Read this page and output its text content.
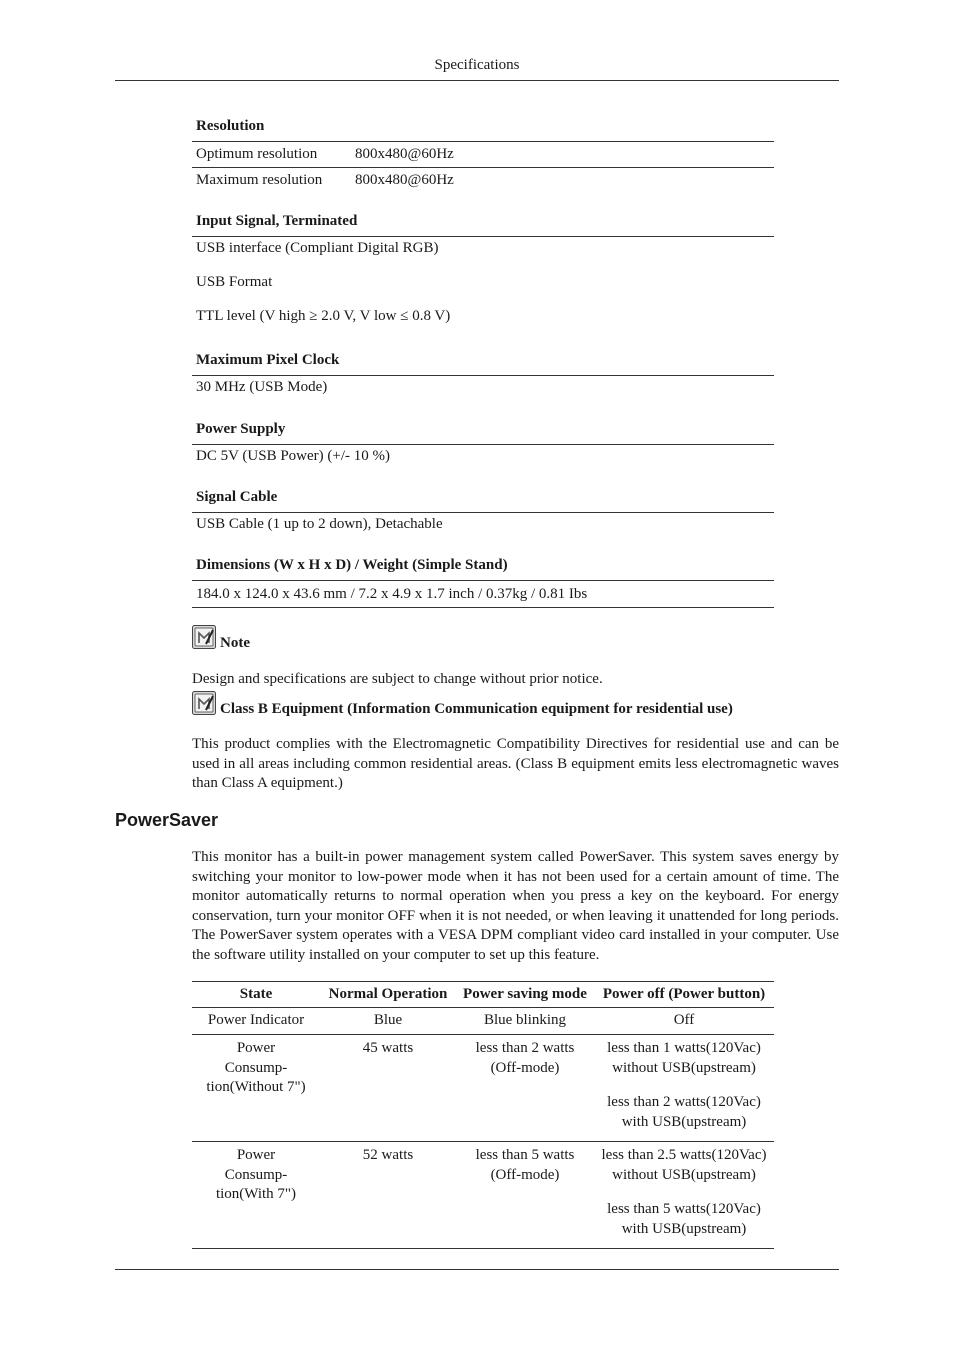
Specifications
Resolution
Optimum resolution	800x480@60Hz
Maximum resolution	800x480@60Hz
Input Signal, Terminated
USB interface (Compliant Digital RGB)
USB Format
TTL level (V high ≥ 2.0 V, V low ≤ 0.8 V)
Maximum Pixel Clock
30 MHz (USB Mode)
Power Supply
DC 5V (USB Power) (+/- 10 %)
Signal Cable
USB Cable (1 up to 2 down), Detachable
Dimensions (W x H x D) / Weight (Simple Stand)
184.0 x 124.0 x 43.6 mm / 7.2 x 4.9 x 1.7 inch / 0.37kg / 0.81 Ibs
Note
Design and specifications are subject to change without prior notice.
Class B Equipment (Information Communication equipment for residential use)
This product complies with the Electromagnetic Compatibility Directives for residential use and can be used in all areas including common residential areas. (Class B equipment emits less electromagnetic waves than Class A equipment.)
PowerSaver
This monitor has a built-in power management system called PowerSaver. This system saves energy by switching your monitor to low-power mode when it has not been used for a certain amount of time. The monitor automatically returns to normal operation when you press a key on the keyboard. For energy conservation, turn your monitor OFF when it is not needed, or when leaving it unattended for long periods. The PowerSaver system operates with a VESA DPM compliant video card installed in your computer. Use the software utility installed on your computer to set up this feature.
State	Normal Operation	Power saving mode	Power off (Power button)
Power Indicator	Blue	Blue blinking	Off
Power Consump- tion(Without 7")	45 watts	less than 2 watts (Off-mode)	less than 1 watts(120Vac) without USB(upstream)
less than 2 watts(120Vac) with USB(upstream)

Power Consump- tion(With 7")	52 watts	less than 5 watts (Off-mode)	less than 2.5 watts(120Vac) without USB(upstream)
less than 5 watts(120Vac) with USB(upstream)
